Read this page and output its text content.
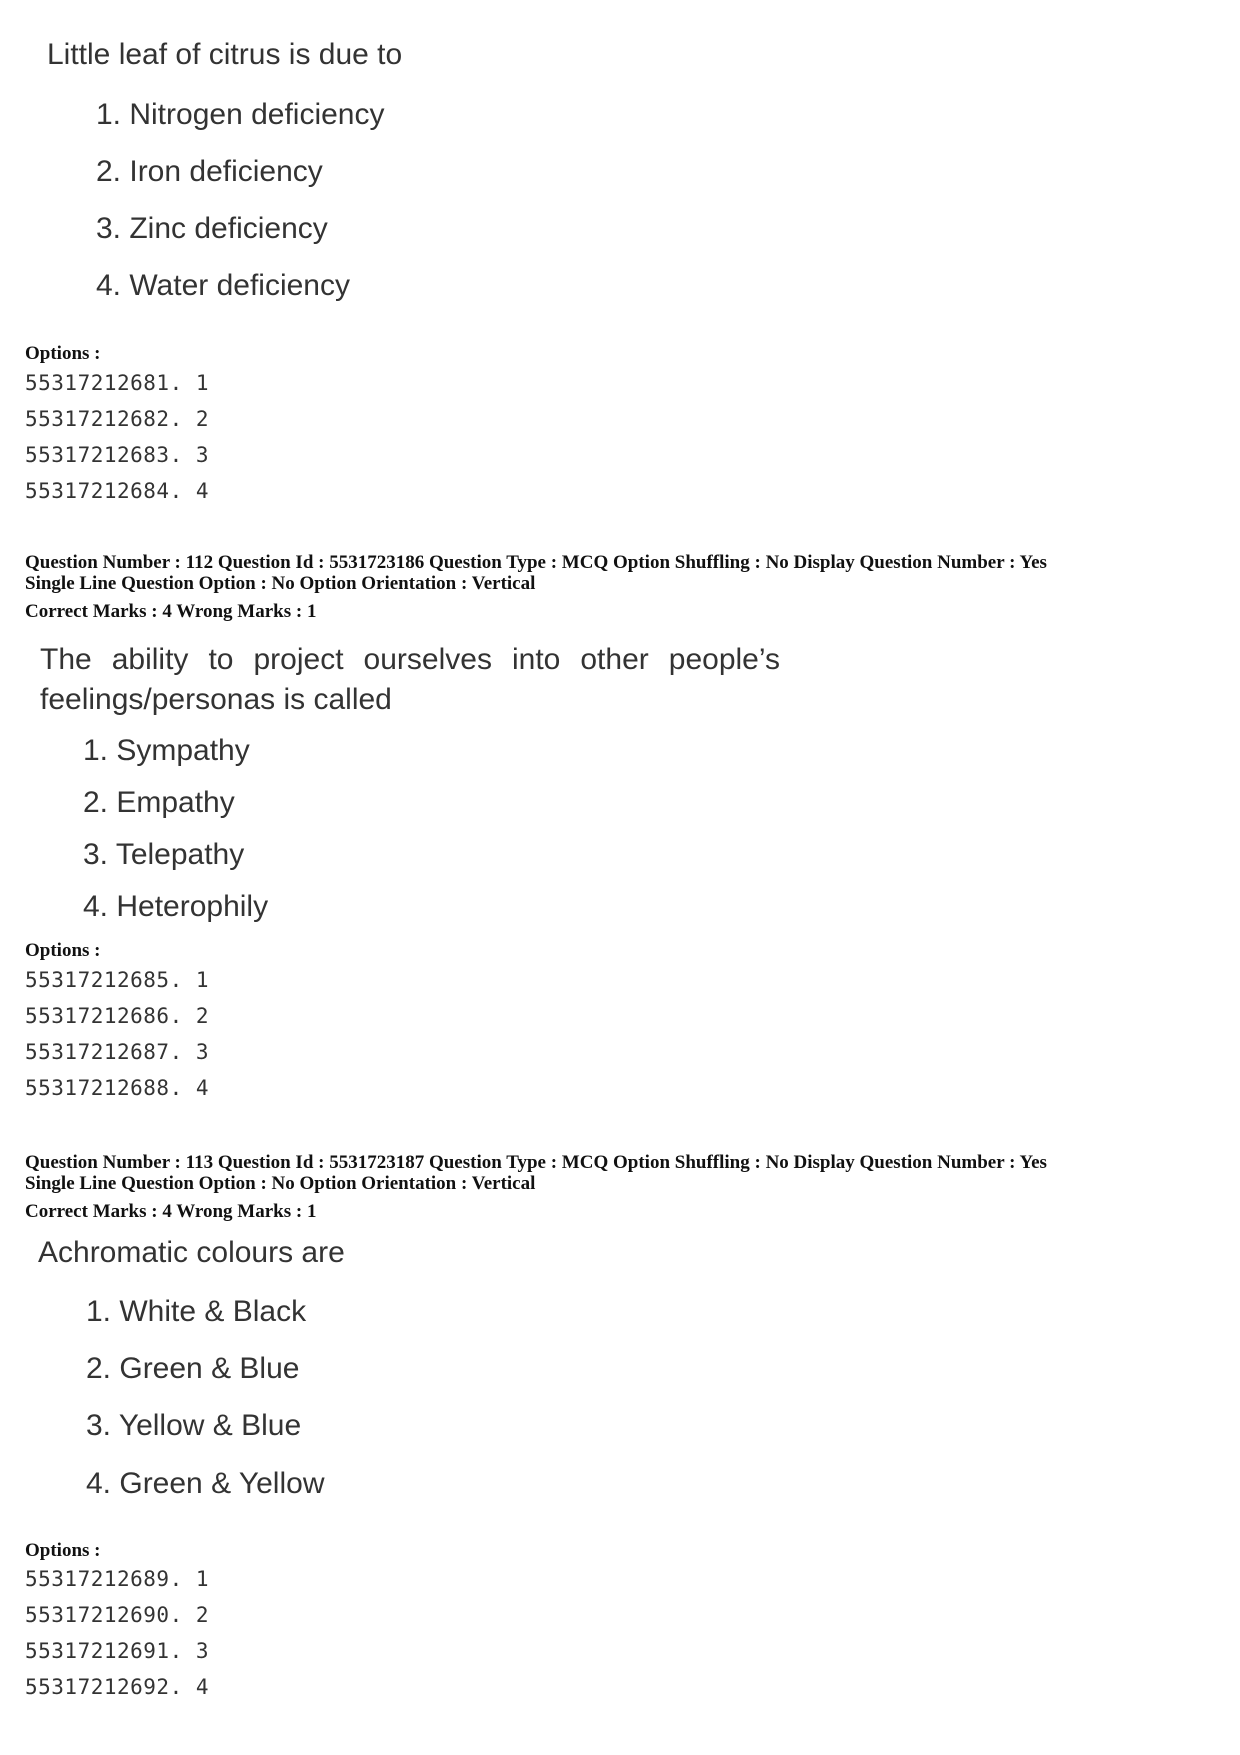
Little leaf of citrus is due to
1. Nitrogen deficiency
2. Iron deficiency
3. Zinc deficiency
4. Water deficiency
Options :
55317212681. 1
55317212682. 2
55317212683. 3
55317212684. 4
Question Number : 112 Question Id : 5531723186 Question Type : MCQ Option Shuffling : No Display Question Number : Yes
Single Line Question Option : No Option Orientation : Vertical
Correct Marks : 4 Wrong Marks : 1
The ability to project ourselves into other people’s
feelings/personas is called
1. Sympathy
2. Empathy
3. Telepathy
4. Heterophily
Options :
55317212685. 1
55317212686. 2
55317212687. 3
55317212688. 4
Question Number : 113 Question Id : 5531723187 Question Type : MCQ Option Shuffling : No Display Question Number : Yes
Single Line Question Option : No Option Orientation : Vertical
Correct Marks : 4 Wrong Marks : 1
Achromatic colours are
1. White & Black
2. Green & Blue
3. Yellow & Blue
4. Green & Yellow
Options :
55317212689. 1
55317212690. 2
55317212691. 3
55317212692. 4
